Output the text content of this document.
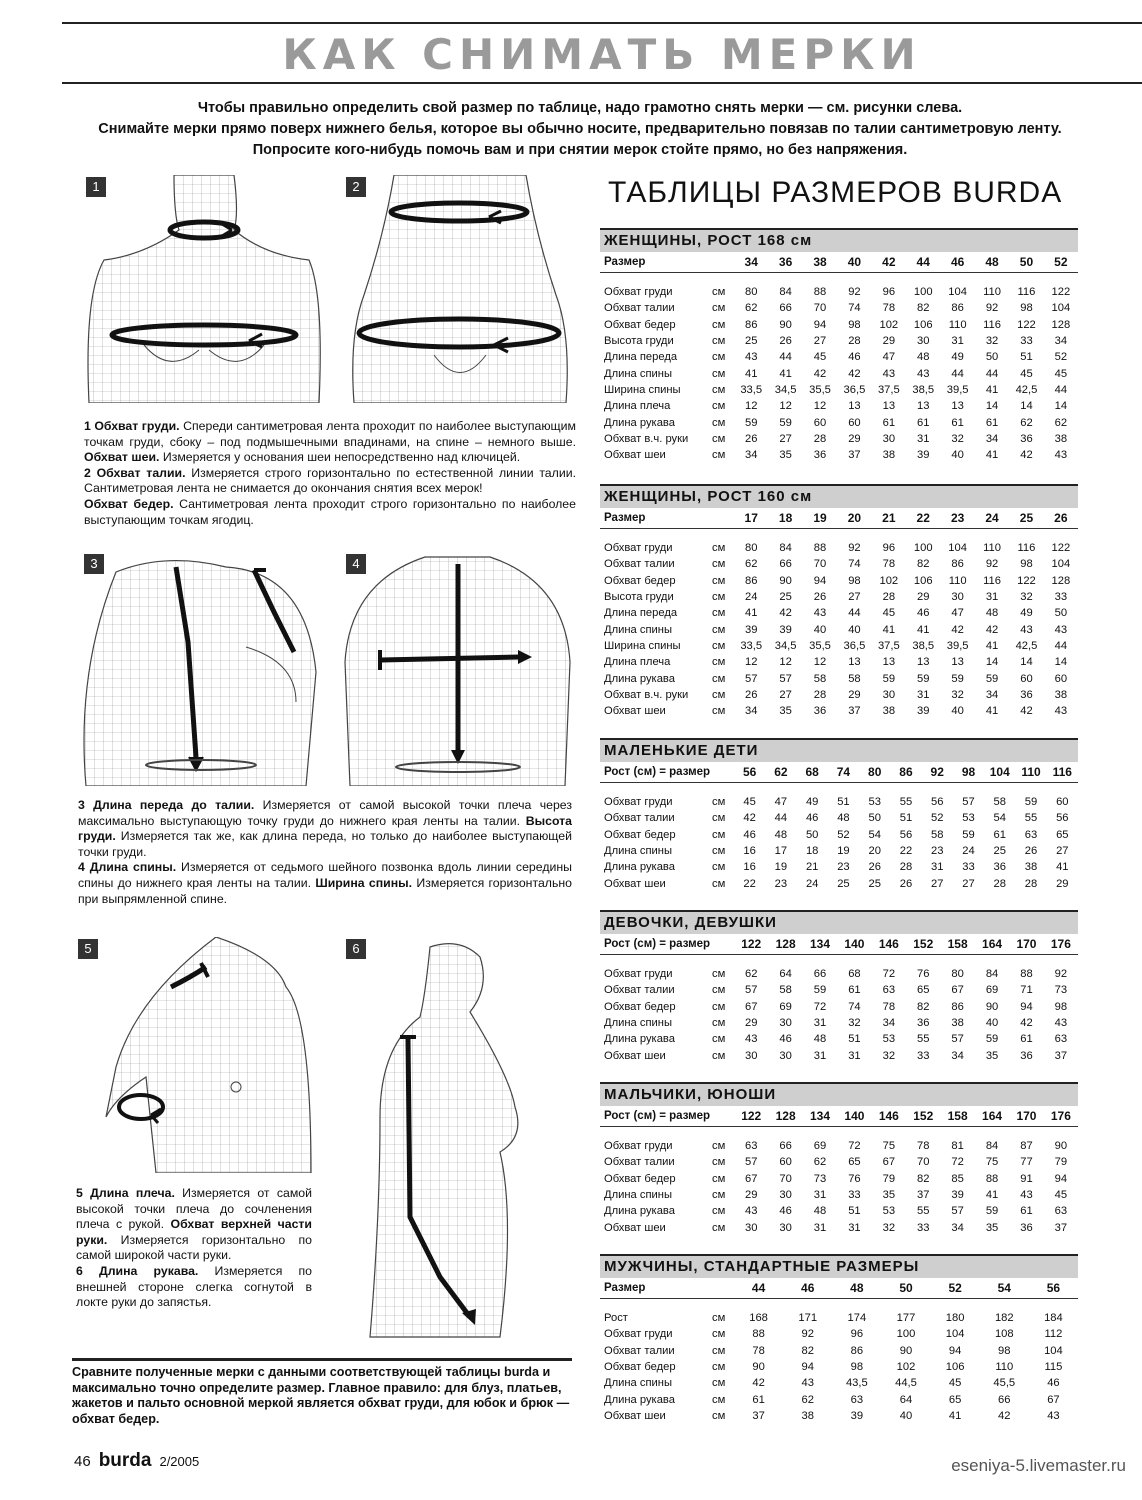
КАК СНИМАТЬ МЕРКИ
Чтобы правильно определить свой размер по таблице, надо грамотно снять мерки — см. рисунки слева.
Снимайте мерки прямо поверх нижнего белья, которое вы обычно носите, предварительно повязав по талии сантиметровую ленту.
Попросите кого-нибудь помочь вам и при снятии мерок стойте прямо, но без напряжения.
1	2

1 Обхват груди. Спереди сантиметровая лента проходит по наиболее выступающим точкам груди, сбоку – под подмышечными впадинами, на спине – немного выше. Обхват шеи. Измеряется у основания шеи непосредственно над ключицей.

2 Обхват талии. Измеряется строго горизонтально по естественной линии талии. Сантиметровая лента не снимается до окончания снятия всех мерок!

Обхват бедер. Сантиметровая лента проходит строго горизонтально по наиболее выступающим точкам ягодиц.

3	4

3 Длина переда до талии. Измеряется от самой высокой точки плеча через максимально выступающую точку груди до нижнего края ленты на талии. Высота груди. Измеряется так же, как длина переда, но только до наиболее выступающей точки груди.

4 Длина спины. Измеряется от седьмого шейного позвонка вдоль линии середины спины до нижнего края ленты на талии. Ширина спины. Измеряется горизонтально при выпрямленной спине.

5	6

5 Длина плеча. Измеряется от самой высокой точки плеча до сочленения плеча с рукой. Обхват верхней части руки. Измеряется горизонтально по самой широкой части руки.

6 Длина рукава. Измеряется по внешней стороне слегка согнутой в локте руки до запястья.

Сравните полученные мерки с данными соответствующей таблицы burda и максимально точно определите размер. Главное правило: для блуз, платьев, жакетов и пальто основной меркой является обхват груди, для юбок и брюк — обхват бедер.
46 burda 2/2005	eseniya-5.livemaster.ru
ТАБЛИЦЫ РАЗМЕРОВ BURDA
ЖЕНЩИНЫ, РОСТ 168 см
Размер	34	36	38	40	42	44	46	48	50	52
Обхват груди	см	80	84	88	92	96	100	104	110	116	122
Обхват талии	см	62	66	70	74	78	82	86	92	98	104
Обхват бедер	см	86	90	94	98	102	106	110	116	122	128
Высота груди	см	25	26	27	28	29	30	31	32	33	34
Длина переда	см	43	44	45	46	47	48	49	50	51	52
Длина спины	см	41	41	42	42	43	43	44	44	45	45
Ширина спины	см	33,5	34,5	35,5	36,5	37,5	38,5	39,5	41	42,5	44
Длина плеча	см	12	12	12	13	13	13	13	14	14	14
Длина рукава	см	59	59	60	60	61	61	61	61	62	62
Обхват в.ч. руки	см	26	27	28	29	30	31	32	34	36	38
Обхват шеи	см	34	35	36	37	38	39	40	41	42	43
ЖЕНЩИНЫ, РОСТ 160 см
Размер	17	18	19	20	21	22	23	24	25	26
Обхват груди	см	80	84	88	92	96	100	104	110	116	122
Обхват талии	см	62	66	70	74	78	82	86	92	98	104
Обхват бедер	см	86	90	94	98	102	106	110	116	122	128
Высота груди	см	24	25	26	27	28	29	30	31	32	33
Длина переда	см	41	42	43	44	45	46	47	48	49	50
Длина спины	см	39	39	40	40	41	41	42	42	43	43
Ширина спины	см	33,5	34,5	35,5	36,5	37,5	38,5	39,5	41	42,5	44
Длина плеча	см	12	12	12	13	13	13	13	14	14	14
Длина рукава	см	57	57	58	58	59	59	59	59	60	60
Обхват в.ч. руки	см	26	27	28	29	30	31	32	34	36	38
Обхват шеи	см	34	35	36	37	38	39	40	41	42	43
МАЛЕНЬКИЕ ДЕТИ
Рост (см) = размер	56	62	68	74	80	86	92	98	104 110 116
Обхват груди	см	45	47	49	51	53	55	56	57	58	59	60
Обхват талии	см	42	44	46	48	50	51	52	53	54	55	56
Обхват бедер	см	46	48	50	52	54	56	58	59	61	63	65
Длина спины	см	16	17	18	19	20	22	23	24	25	26	27
Длина рукава	см	16	19	21	23	26	28	31	33	36	38	41
Обхват шеи	см	22	23	24	25	25	26	27	27	28	28	29
ДЕВОЧКИ, ДЕВУШКИ
Рост (см) = размер	122	128	134	140	146	152	158	164	170	176
Обхват груди	см	62	64	66	68	72	76	80	84	88	92
Обхват талии	см	57	58	59	61	63	65	67	69	71	73
Обхват бедер	см	67	69	72	74	78	82	86	90	94	98
Длина спины	см	29	30	31	32	34	36	38	40	42	43
Длина рукава	см	43	46	48	51	53	55	57	59	61	63
Обхват шеи	см	30	30	31	31	32	33	34	35	36	37
МАЛЬЧИКИ, ЮНОШИ
Рост (см) = размер	122	128	134	140	146	152	158	164	170	176
Обхват груди	см	63	66	69	72	75	78	81	84	87	90
Обхват талии	см	57	60	62	65	67	70	72	75	77	79
Обхват бедер	см	67	70	73	76	79	82	85	88	91	94
Длина спины	см	29	30	31	33	35	37	39	41	43	45
Длина рукава	см	43	46	48	51	53	55	57	59	61	63
Обхват шеи	см	30	30	31	31	32	33	34	35	36	37
МУЖЧИНЫ, СТАНДАРТНЫЕ РАЗМЕРЫ
Размер	44	46	48	50	52	54	56
Рост	см	168	171	174	177	180	182	184
Обхват груди	см	88	92	96	100	104	108	112
Обхват талии	см	78	82	86	90	94	98	104
Обхват бедер	см	90	94	98	102	106	110	115
Длина спины	см	42	43	43,5	44,5	45	45,5	46
Длина рукава	см	61	62	63	64	65	66	67
Обхват шеи	см	37	38	39	40	41	42	43
